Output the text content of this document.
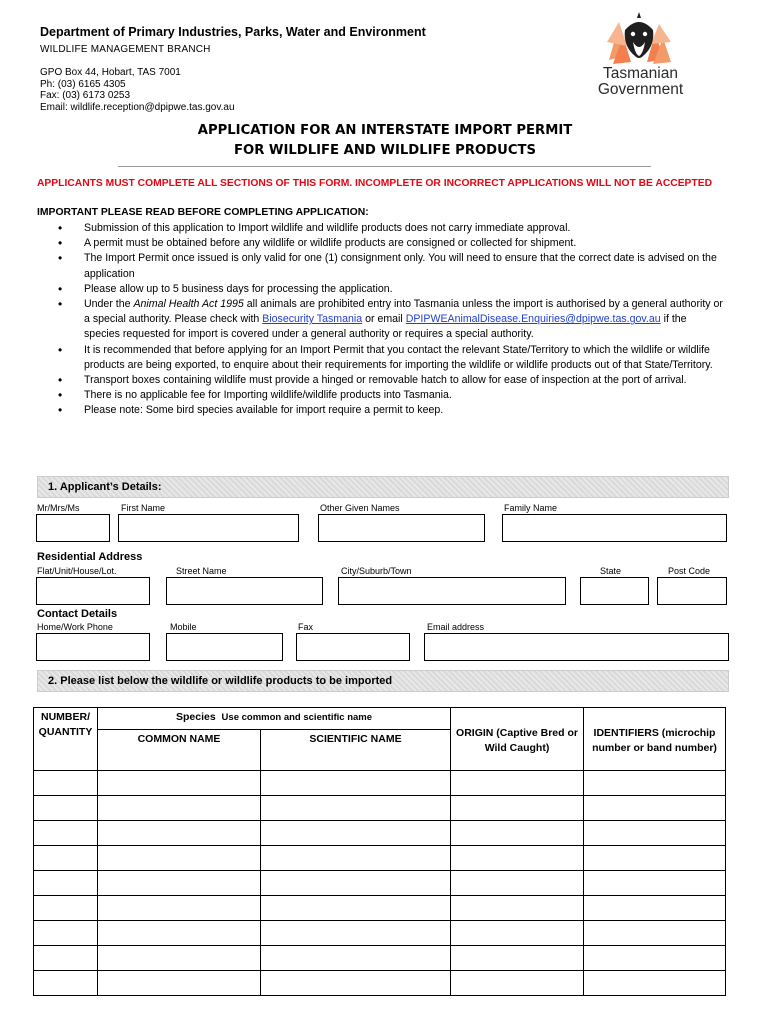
Department of Primary Industries, Parks, Water and Environment
WILDLIFE MANAGEMENT BRANCH
GPO Box 44, Hobart, TAS 7001
Ph: (03) 6165 4305
Fax: (03) 6173 0253
Email: wildlife.reception@dpipwe.tas.gov.au
Tasmanian
Government
APPLICATION FOR AN INTERSTATE IMPORT PERMIT
FOR WILDLIFE AND WILDLIFE PRODUCTS
APPLICANTS MUST COMPLETE ALL SECTIONS OF THIS FORM. INCOMPLETE OR INCORRECT APPLICATIONS WILL NOT BE ACCEPTED
IMPORTANT PLEASE READ BEFORE COMPLETING APPLICATION:
• Submission of this application to Import wildlife and wildlife products does not carry immediate approval.
• A permit must be obtained before any wildlife or wildlife products are consigned or collected for shipment.
• The Import Permit once issued is only valid for one (1) consignment only. You will need to ensure that the correct date is advised on the application
• Please allow up to 5 business days for processing the application.
• Under the Animal Health Act 1995 all animals are prohibited entry into Tasmania unless the import is authorised by a general authority or a special authority. Please check with Biosecurity Tasmania or email DPIPWEAnimalDisease.Enquiries@dpipwe.tas.gov.au if the species requested for import is covered under a general authority or requires a special authority.
• It is recommended that before applying for an Import Permit that you contact the relevant State/Territory to which the wildlife or wildlife products are being exported, to enquire about their requirements for importing the wildlife or wildlife products out of that State/Territory.
• Transport boxes containing wildlife must provide a hinged or removable hatch to allow for ease of inspection at the port of arrival.
• There is no applicable fee for Importing wildlife/wildlife products into Tasmania.
• Please note: Some bird species available for import require a permit to keep.
1. Applicant’s Details:
Mr/Mrs/Ms	First Name	Other Given Names	Family Name
Residential Address
Flat/Unit/House/Lot.	Street Name	City/Suburb/Town	State	Post Code
Contact Details
Home/Work Phone	Mobile	Fax	Email address
2. Please list below the wildlife or wildlife products to be imported
NUMBER/ QUANTITY	Species Use common and scientific name		ORIGIN (Captive Bred or Wild Caught)	IDENTIFIERS (microchip number or band number)
	COMMON NAME	SCIENTIFIC NAME		
